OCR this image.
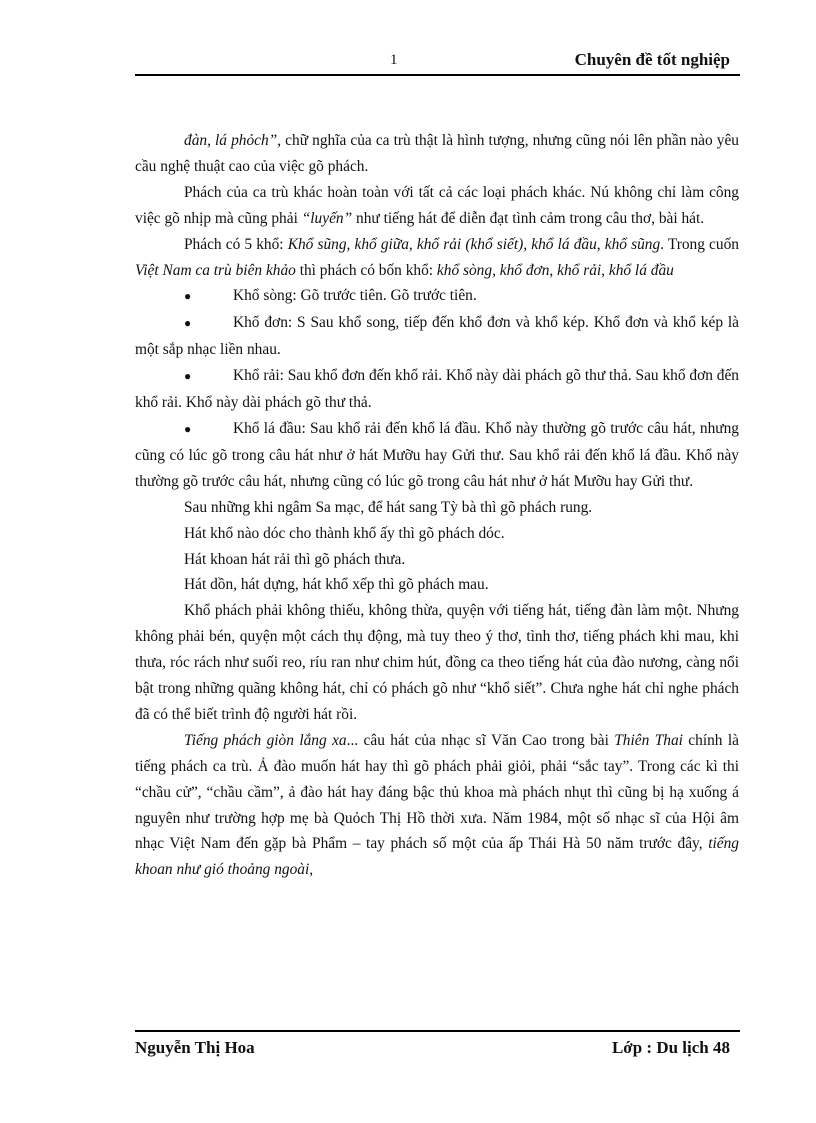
1	Chuyên đề tốt nghiệp

đàn, lá phỏch”, chữ nghĩa của ca trù thật là hình tượng, nhưng cũng nói lên phần nào yêu cầu nghệ thuật cao của việc gõ phách.

Phách của ca trù khác hoàn toàn với tất cả các loại phách khác. Nú không chỉ làm công việc gõ nhịp mà cũng phải “luyến” như tiếng hát để diễn đạt tình cảm trong câu thơ, bài hát.

Phách có 5 khổ: Khổ sũng, khổ giữa, khổ rải (khổ siết), khổ lá đầu, khổ sũng. Trong cuốn Việt Nam ca trù biên khảo thì phách có bốn khổ: khổ sòng, khổ đơn, khổ rải, khổ lá đầu

●	Khổ sòng: Gõ trước tiên. Gõ trước tiên.

●	Khổ đơn: S Sau khổ song, tiếp đến khổ đơn và khổ kép. Khổ đơn và khổ kép là một sắp nhạc liền nhau.

●	Khổ rải: Sau khổ đơn đến khổ rải. Khổ này dài phách gõ thư thả. Sau khổ đơn đến khổ rải. Khổ này dài phách gõ thư thả.

●	Khổ lá đầu: Sau khổ rải đến khổ lá đầu. Khổ này thường gõ trước câu hát, nhưng cũng có lúc gõ trong câu hát như ở hát Mưỡu hay Gửi thư. Sau khổ rải đến khổ lá đầu. Khổ này thường gõ trước câu hát, nhưng cũng có lúc gõ trong câu hát như ở hát Mưỡu hay Gửi thư.

Sau những khi ngâm Sa mạc, để hát sang Tỳ bà thì gõ phách rung.

Hát khổ nào dóc cho thành khổ ấy thì gõ phách dóc.

Hát khoan hát rải thì gõ phách thưa.

Hát dồn, hát dựng, hát khổ xếp thì gõ phách mau.

Khổ phách phải không thiếu, không thừa, quyện với tiếng hát, tiếng đàn làm một. Nhưng không phải bén, quyện một cách thụ động, mà tuy theo ý thơ, tình thơ, tiếng phách khi mau, khi thưa, róc rách như suối reo, ríu ran như chim hút, đồng ca theo tiếng hát của đào nương, càng nổi bật trong những quãng không hát, chỉ có phách gõ như “khổ siết”. Chưa nghe hát chỉ nghe phách đã có thể biết trình độ người hát rồi.

Tiếng phách giòn lắng xa... câu hát của nhạc sĩ Văn Cao trong bài Thiên Thai chính là tiếng phách ca trù. Ả đào muốn hát hay thì gõ phách phải giỏi, phải “sắc tay”. Trong các kì thi “chầu cử”, “chầu cầm”, ả đào hát hay đáng bậc thủ khoa mà phách nhụt thì cũng bị hạ xuống á nguyên như trường hợp mẹ bà Quỏch Thị Hồ thời xưa. Năm 1984, một số nhạc sĩ của Hội âm nhạc Việt Nam đến gặp bà Phẩm – tay phách số một của ấp Thái Hà 50 năm trước đây, tiếng khoan như gió thoảng ngoài,

Nguyễn Thị Hoa	Lớp : Du lịch 48
